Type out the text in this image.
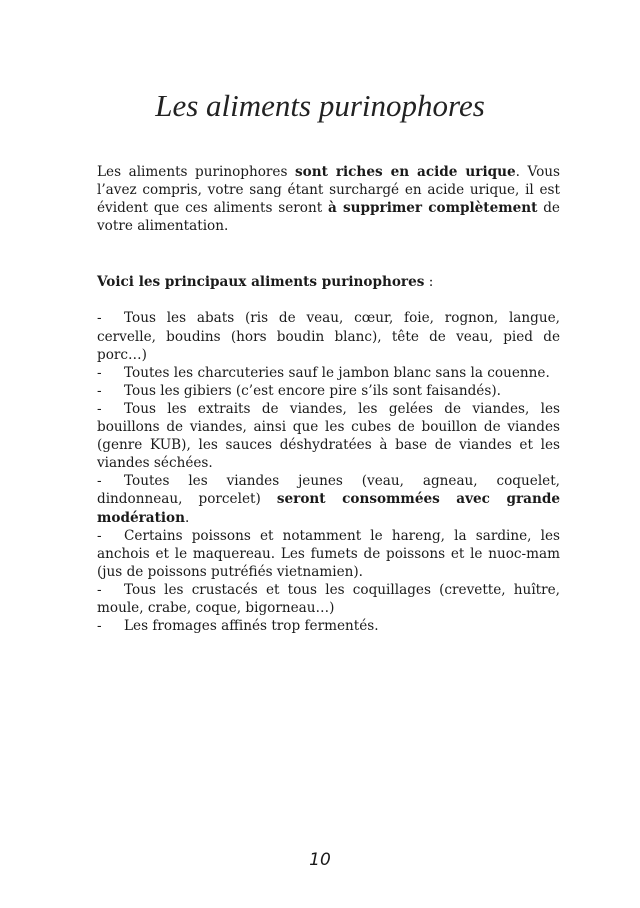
Les aliments purinophores

Les aliments purinophores sont riches en acide urique. Vous l’avez compris, votre sang étant surchargé en acide urique, il est évident que ces aliments seront à supprimer complètement de votre alimentation.

Voici les principaux aliments purinophores :

- Tous les abats (ris de veau, cœur, foie, rognon, langue, cervelle, boudins (hors boudin blanc), tête de veau, pied de porc…)

- Toutes les charcuteries sauf le jambon blanc sans la couenne.

- Tous les gibiers (c’est encore pire s’ils sont faisandés).

- Tous les extraits de viandes, les gelées de viandes, les bouillons de viandes, ainsi que les cubes de bouillon de viandes (genre KUB), les sauces déshydratées à base de viandes et les viandes séchées.

- Toutes les viandes jeunes (veau, agneau, coquelet, dindonneau, porcelet) seront consommées avec grande modération.

- Certains poissons et notamment le hareng, la sardine, les anchois et le maquereau. Les fumets de poissons et le nuoc-mam (jus de poissons putréfiés vietnamien).

- Tous les crustacés et tous les coquillages (crevette, huître, moule, crabe, coque, bigorneau…)

- Les fromages affinés trop fermentés.

10
